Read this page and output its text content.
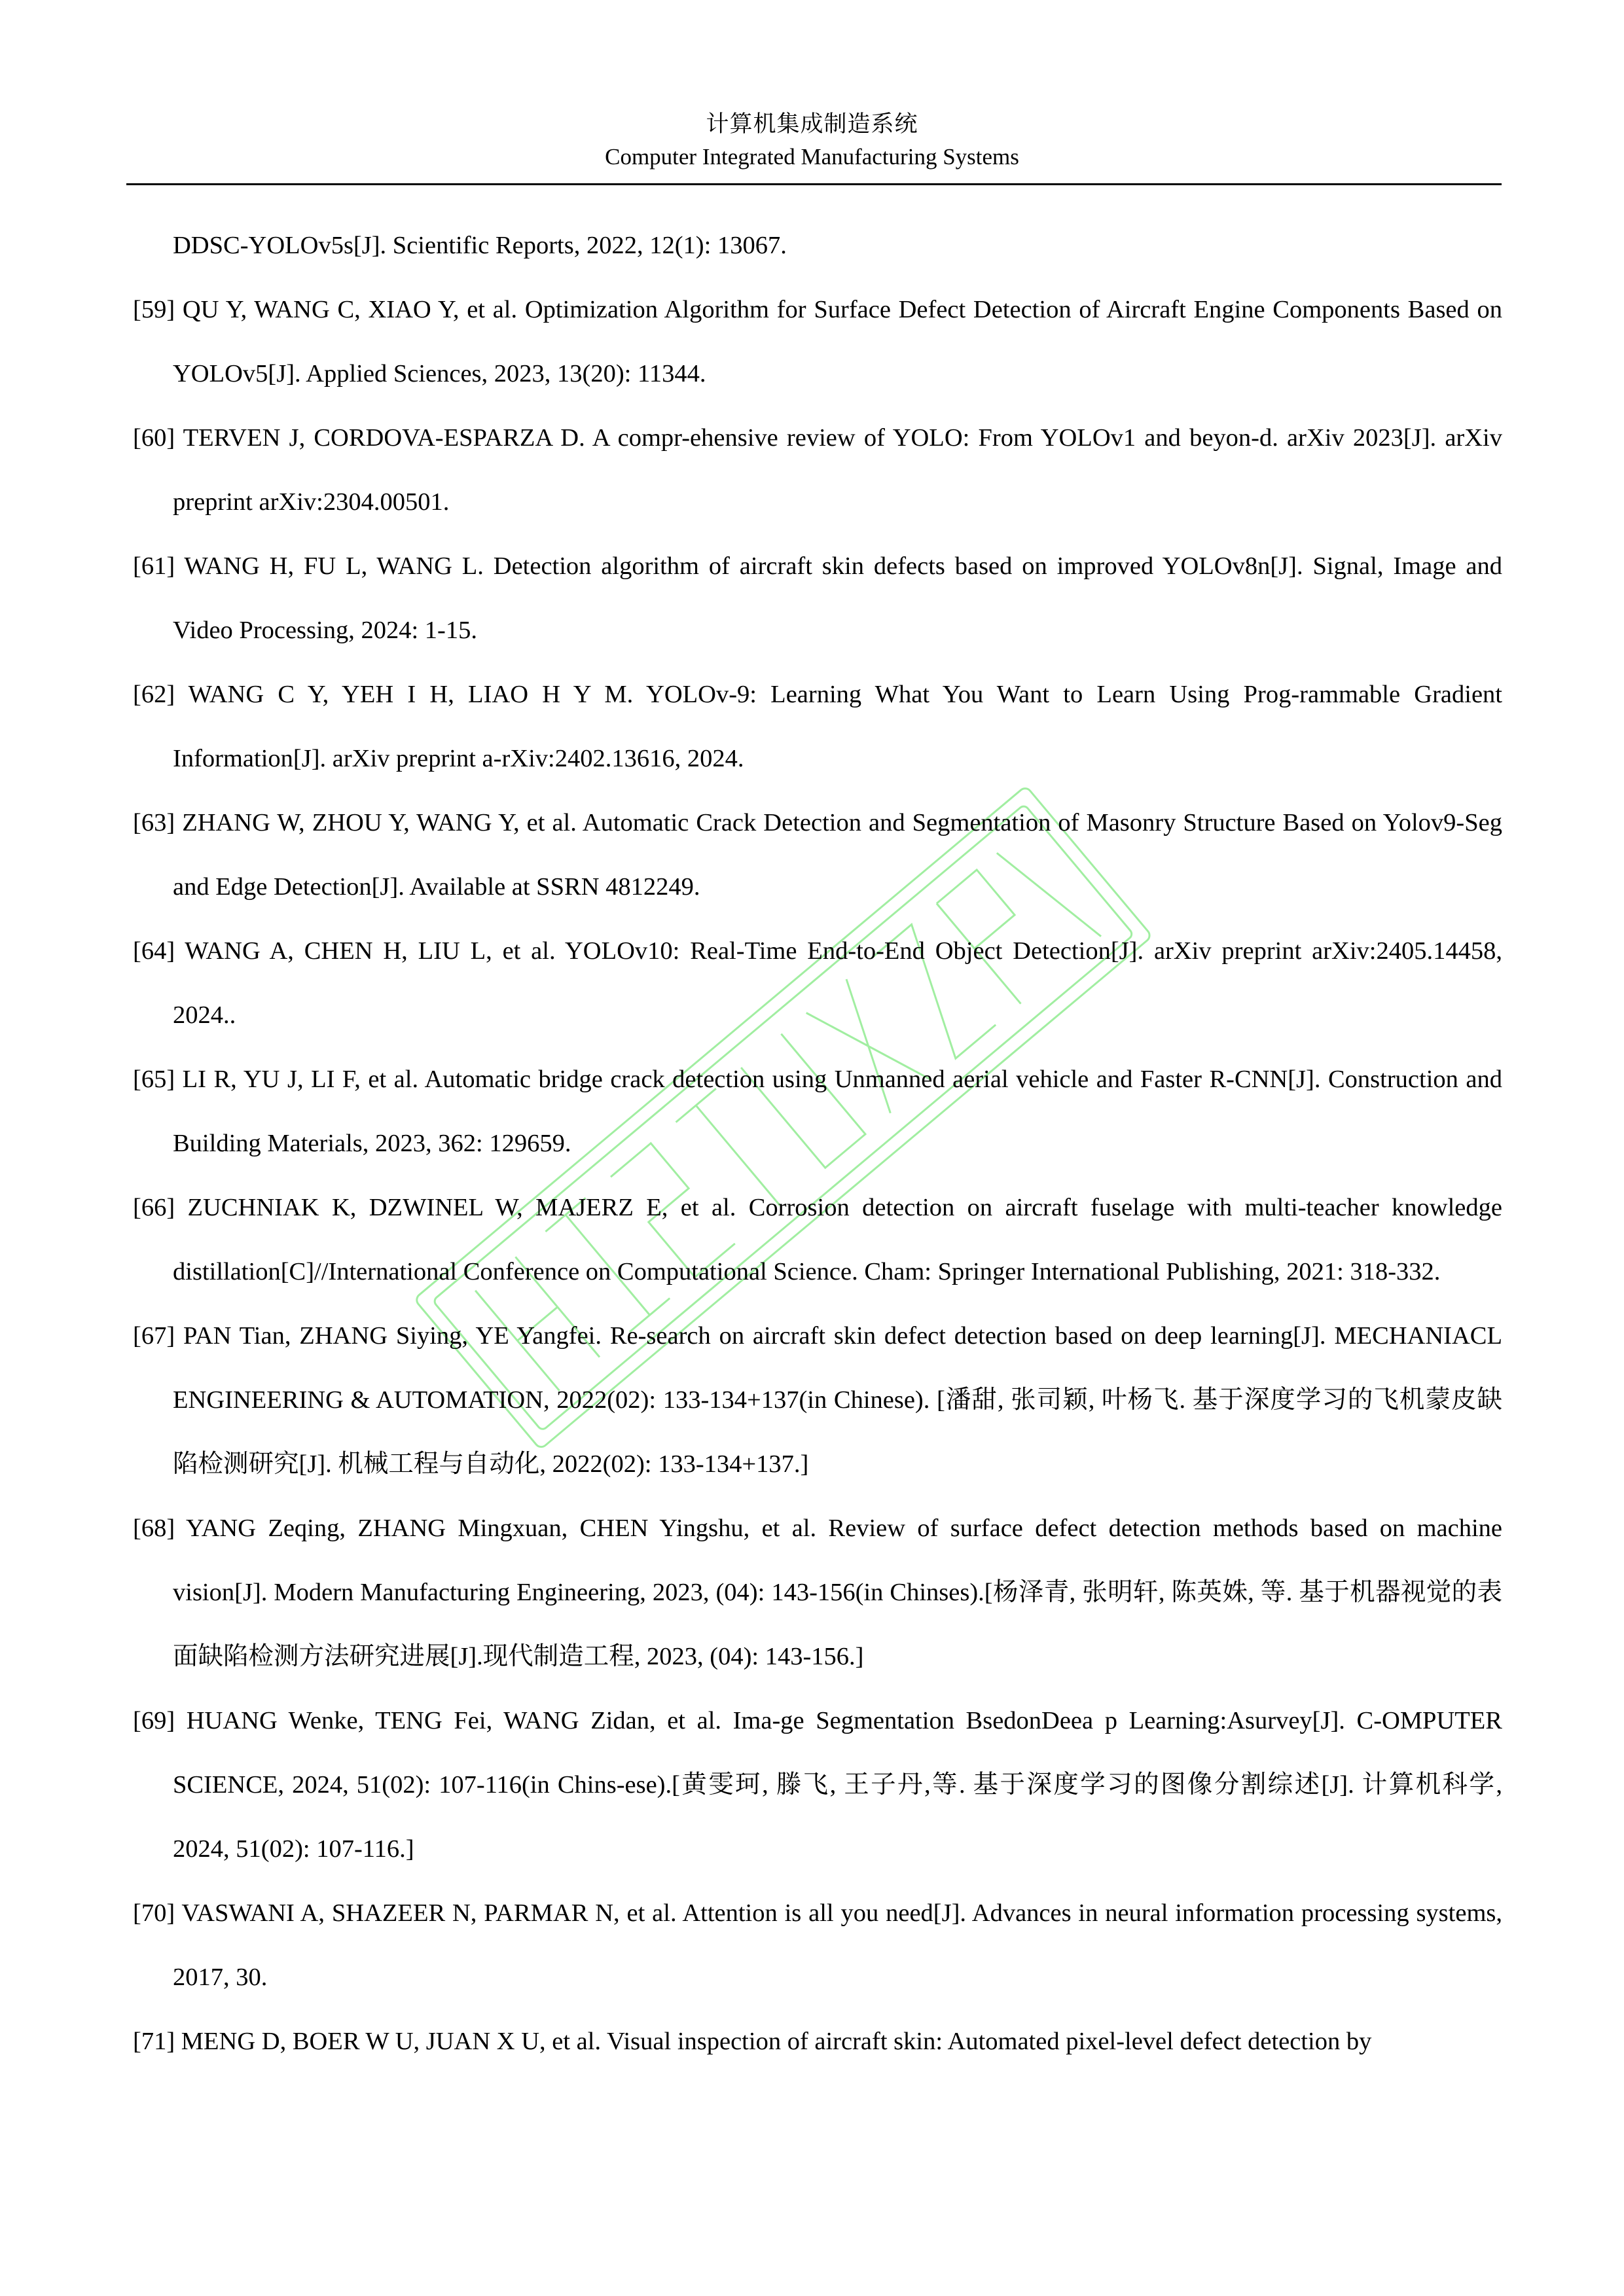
计算机集成制造系统
Computer Integrated Manufacturing Systems

DDSC-YOLOv5s[J]. Scientific Reports, 2022, 12(1): 13067.

[59] QU Y, WANG C, XIAO Y, et al. Optimization Algorithm for Surface Defect Detection of Aircraft Engine Components Based on YOLOv5[J]. Applied Sciences, 2023, 13(20): 11344.

[60] TERVEN J, CORDOVA-ESPARZA D. A compr-ehensive review of YOLO: From YOLOv1 and beyon-d. arXiv 2023[J]. arXiv preprint arXiv:2304.00501.

[61] WANG H, FU L, WANG L. Detection algorithm of aircraft skin defects based on improved YOLOv8n[J]. Signal, Image and Video Processing, 2024: 1-15.

[62] WANG C Y, YEH I H, LIAO H Y M. YOLOv-9: Learning What You Want to Learn Using Prog-rammable Gradient Information[J]. arXiv preprint a-rXiv:2402.13616, 2024.

[63] ZHANG W, ZHOU Y, WANG Y, et al. Automatic Crack Detection and Segmentation of Masonry Structure Based on Yolov9-Seg and Edge Detection[J]. Available at SSRN 4812249.

[64] WANG A, CHEN H, LIU L, et al. YOLOv10: Real-Time End-to-End Object Detection[J]. arXiv preprint arXiv:2405.14458, 2024..

[65] LI R, YU J, LI F, et al. Automatic bridge crack detection using Unmanned aerial vehicle and Faster R-CNN[J]. Construction and Building Materials, 2023, 362: 129659.

[66] ZUCHNIAK K, DZWINEL W, MAJERZ E, et al. Corrosion detection on aircraft fuselage with multi-teacher knowledge distillation[C]//International Conference on Computational Science. Cham: Springer International Publishing, 2021: 318-332.

[67] PAN Tian, ZHANG Siying, YE Yangfei. Re-search on aircraft skin defect detection based on deep learning[J]. MECHANIACL ENGINEERING & AUTOMATION, 2022(02): 133-134+137(in Chinese). [潘甜, 张司颖, 叶杨飞. 基于深度学习的飞机蒙皮缺陷检测研究[J]. 机械工程与自动化, 2022(02): 133-134+137.]

[68] YANG Zeqing, ZHANG Mingxuan, CHEN Yingshu, et al. Review of surface defect detection methods based on machine vision[J]. Modern Manufacturing Engineering, 2023, (04): 143-156(in Chinses).[杨泽青, 张明轩, 陈英姝, 等. 基于机器视觉的表面缺陷检测方法研究进展[J].现代制造工程, 2023, (04): 143-156.]

[69] HUANG Wenke, TENG Fei, WANG Zidan, et al. Ima-ge Segmentation BsedonDeea p Learning:Asurvey[J]. C-OMPUTER SCIENCE, 2024, 51(02): 107-116(in Chins-ese).[黄雯珂, 滕飞, 王子丹,等. 基于深度学习的图像分割综述[J]. 计算机科学, 2024, 51(02): 107-116.]

[70] VASWANI A, SHAZEER N, PARMAR N, et al. Attention is all you need[J]. Advances in neural information processing systems, 2017, 30.

[71] MENG D, BOER W U, JUAN X U, et al. Visual inspection of aircraft skin: Automated pixel-level defect detection by
